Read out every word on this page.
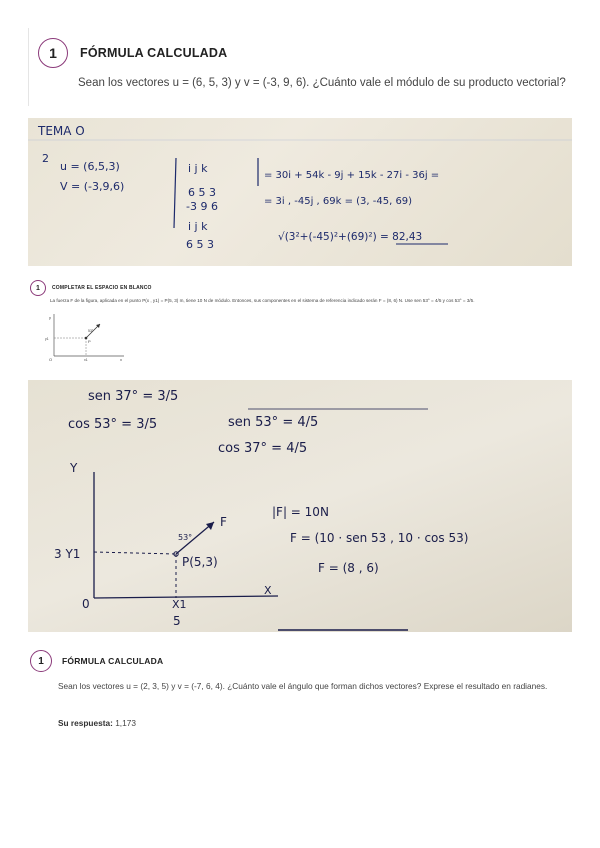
1 FÓRMULA CALCULADA
Sean los vectores u = (6, 5, 3) y v = (-3, 9, 6). ¿Cuánto vale el módulo de su producto vectorial?
TEMA O
2
u = (6,5,3)
V = (-3,9,6)
i j k
6 5 3
-3 9 6
i j k
6 5 3
= 30i + 54k - 9j + 15k - 27i - 36j =
= 3i , -45j , 69k = (3, -45, 69)
√(3²+(-45)²+(69)²) = 82,43
1 COMPLETAR EL ESPACIO EN BLANCO
La fuerza F de la figura, aplicada en el punto P(x , y1) = P(5, 3) m, tiene 10 N de módulo. Entonces, sus componentes en el sistema de referencia indicado serán F = (8, 6) N. Use sen 53° = 4/5 y cos 53° = 3/5.
y
x
O
P
53°
y1
x1
sen 37° = 3/5
cos 53° = 3/5	sen 53° = 4/5
cos 37° = 4/5
Y
X
0
3 Y1
X1
5
P(5,3)
53°
F
|F| = 10N
F = (10 · sen 53 , 10 · cos 53)
F = (8 , 6)
1 FÓRMULA CALCULADA
Sean los vectores u = (2, 3, 5) y v = (-7, 6, 4). ¿Cuánto vale el ángulo que forman dichos vectores? Exprese el resultado en radianes.
Su respuesta: 1,173
